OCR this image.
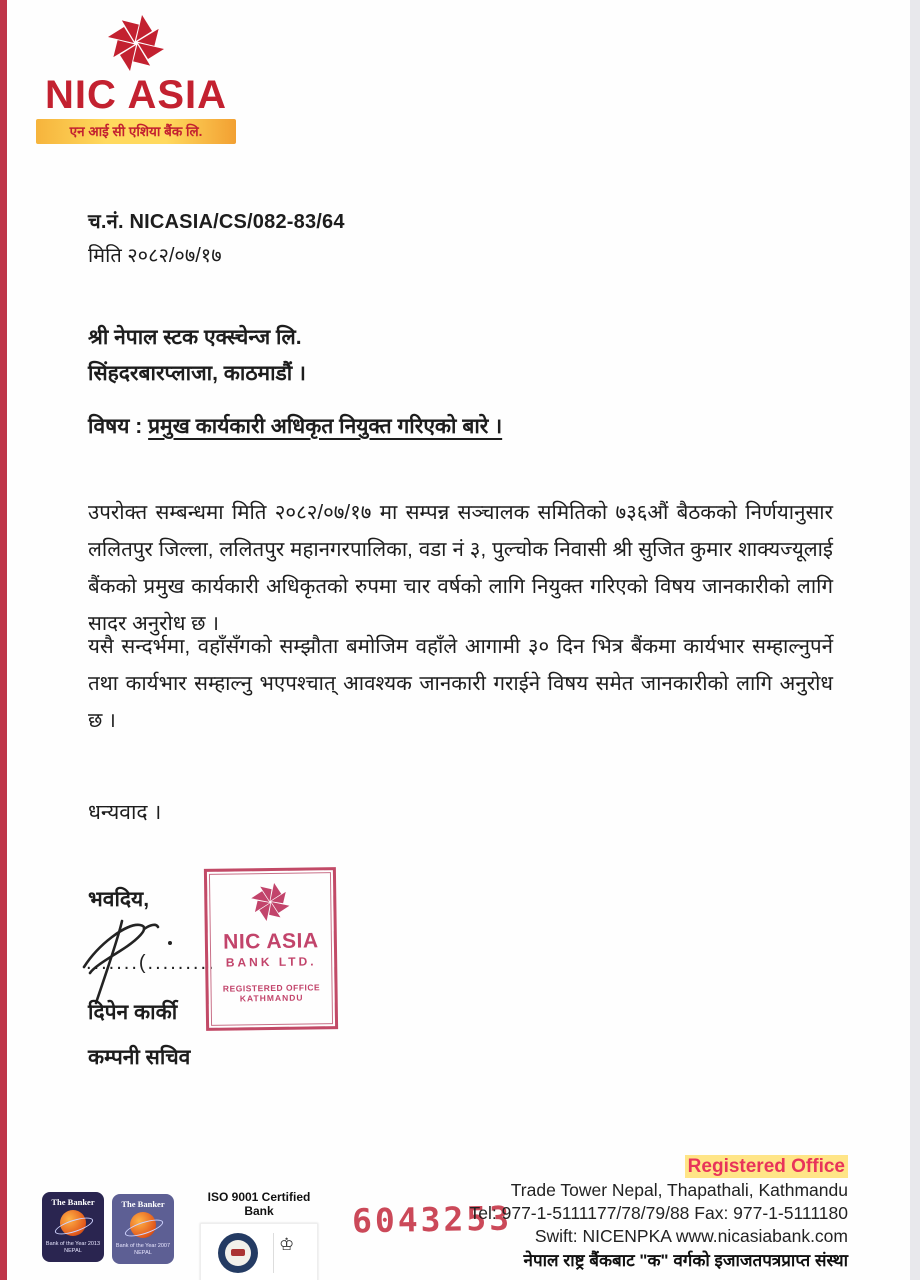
NIC ASIA
एन आई सी एशिया बैंक लि.
च.नं. NICASIA/CS/082-83/64
मिति २०८२/०७/१७
श्री नेपाल स्टक एक्स्चेन्ज लि.
सिंहदरबारप्लाजा, काठमाडौं ।
विषय : प्रमुख कार्यकारी अधिकृत नियुक्त गरिएको बारे ।
उपरोक्त सम्बन्धमा मिति २०८२/०७/१७ मा सम्पन्न सञ्चालक समितिको ७३६औं बैठकको निर्णयानुसार ललितपुर जिल्ला, ललितपुर महानगरपालिका, वडा नं ३, पुल्चोक निवासी श्री सुजित कुमार शाक्यज्यूलाई बैंकको प्रमुख कार्यकारी अधिकृतको रुपमा चार वर्षको लागि नियुक्त गरिएको विषय जानकारीको लागि सादर अनुरोध छ ।
यसै सन्दर्भमा, वहाँसँगको सम्झौता बमोजिम वहाँले आगामी ३० दिन भित्र बैंकमा कार्यभार सम्हाल्नुपर्ने तथा कार्यभार सम्हाल्नु भएपश्चात् आवश्यक जानकारी गराईने विषय समेत जानकारीको लागि अनुरोध छ ।
धन्यवाद ।
भवदिय,
.......(.........
दिपेन कार्की
कम्पनी सचिव
NIC ASIA
BANK LTD.
REGISTERED OFFICE
KATHMANDU
The Banker
Bank of the Year 2013
NEPAL
The Banker
Bank of the Year 2007
NEPAL
ISO 9001 Certified Bank
♔	6043253
Registered Office
Trade Tower Nepal, Thapathali, Kathmandu
Tel: 977-1-5111177/78/79/88 Fax: 977-1-5111180
Swift: NICENPKA www.nicasiabank.com
नेपाल राष्ट्र बैंकबाट "क" वर्गको इजाजतपत्रप्राप्त संस्था
